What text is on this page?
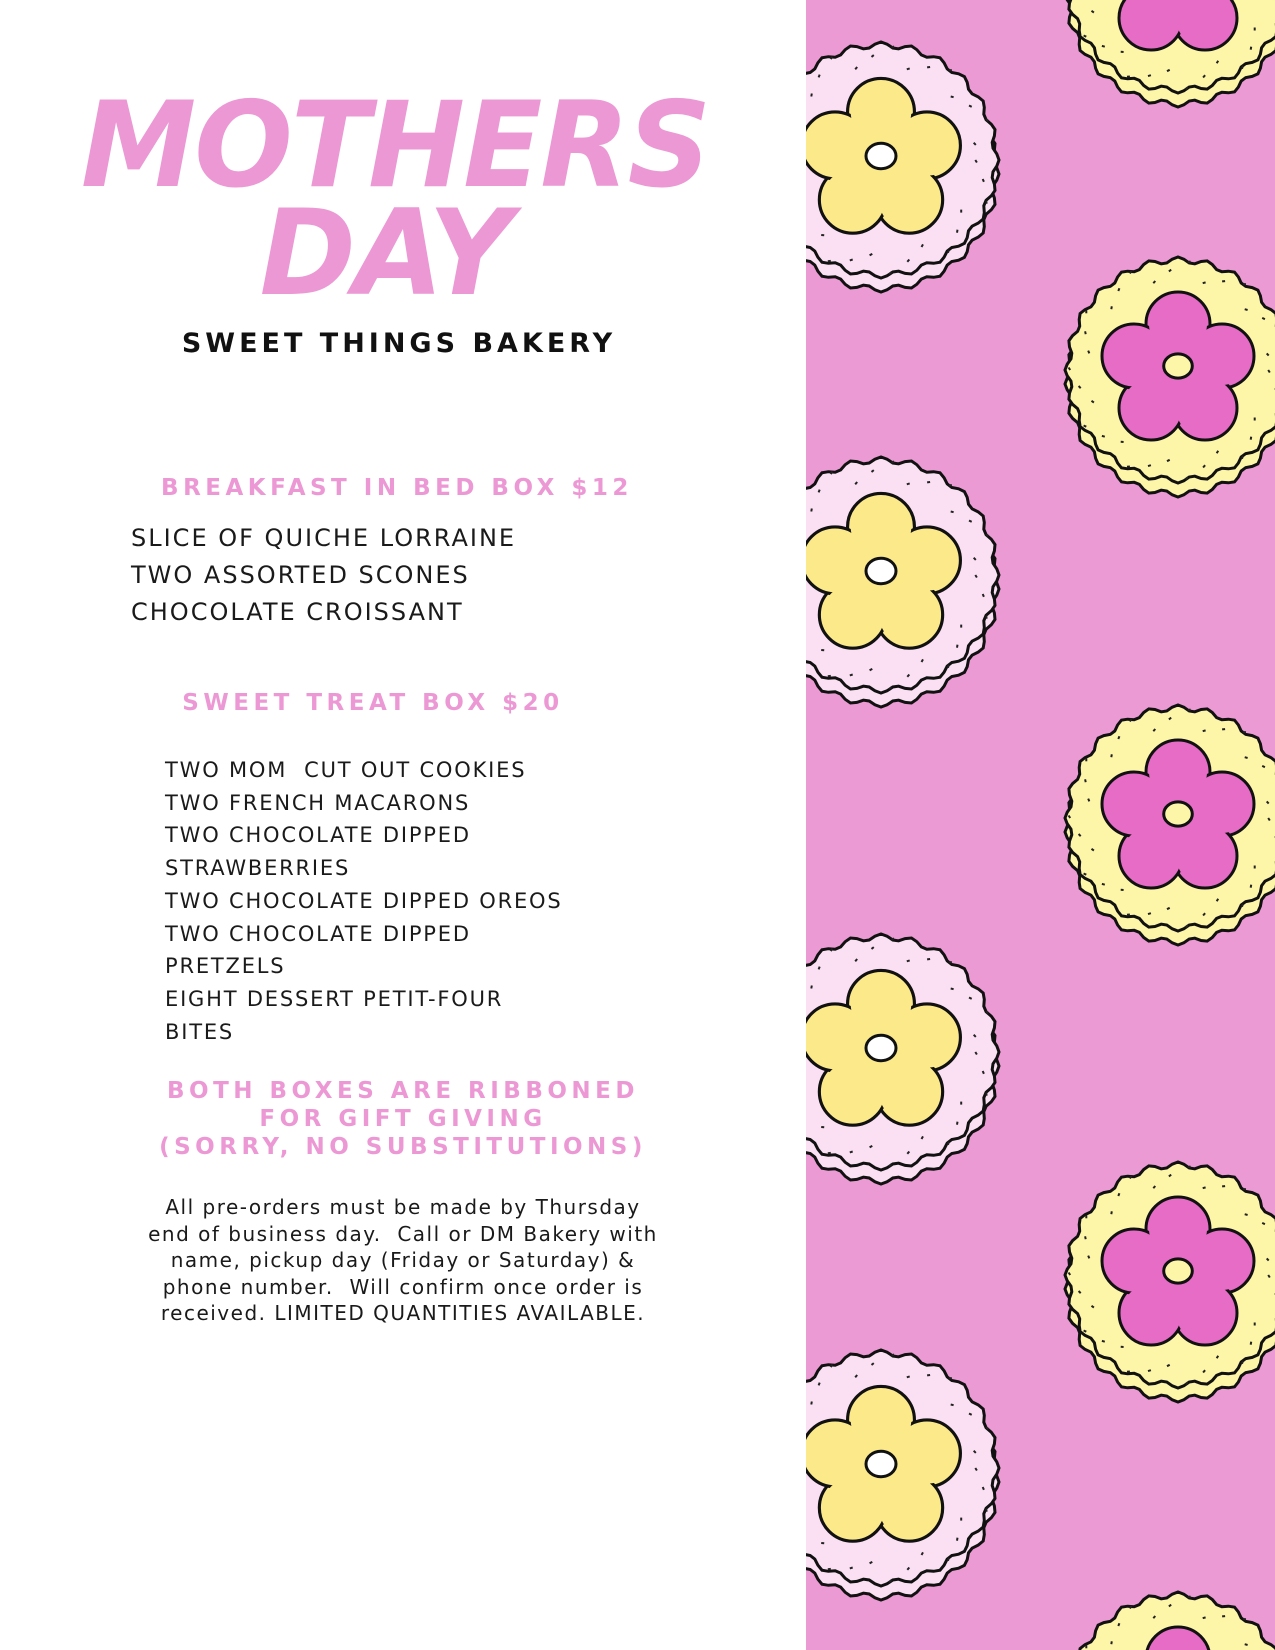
MOTHERS
DAY
SWEET THINGS BAKERY
BREAKFAST IN BED BOX $12
SLICE OF QUICHE LORRAINE
TWO ASSORTED SCONES
CHOCOLATE CROISSANT
SWEET TREAT BOX $20
TWO MOM  CUT OUT COOKIES
TWO FRENCH MACARONS
TWO CHOCOLATE DIPPED
STRAWBERRIES
TWO CHOCOLATE DIPPED OREOS
TWO CHOCOLATE DIPPED
PRETZELS
EIGHT DESSERT PETIT-FOUR
BITES
BOTH BOXES ARE RIBBONED
FOR GIFT GIVING
(SORRY, NO SUBSTITUTIONS)
All pre-orders must be made by Thursday
end of business day.  Call or DM Bakery with
name, pickup day (Friday or Saturday) &
phone number.  Will confirm once order is
received. LIMITED QUANTITIES AVAILABLE.
